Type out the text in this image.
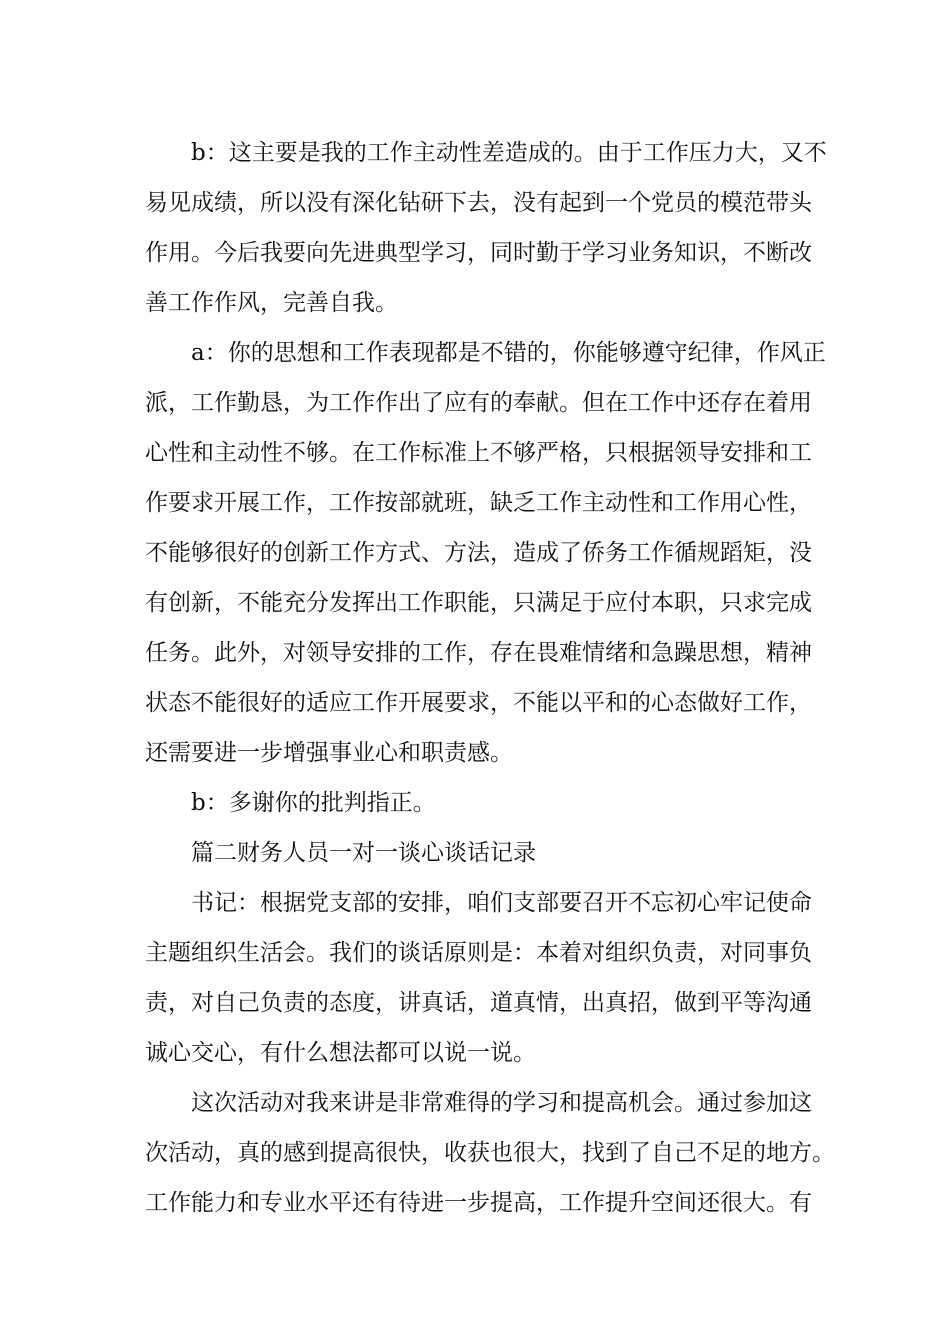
b：这主要是我的工作主动性差造成的。由于工作压力大，又不
易见成绩，所以没有深化钻研下去，没有起到一个党员的模范带头
作用。今后我要向先进典型学习，同时勤于学习业务知识，不断改
善工作作风，完善自我。
a：你的思想和工作表现都是不错的，你能够遵守纪律，作风正
派，工作勤恳，为工作作出了应有的奉献。但在工作中还存在着用
心性和主动性不够。在工作标准上不够严格，只根据领导安排和工
作要求开展工作，工作按部就班，缺乏工作主动性和工作用心性，
不能够很好的创新工作方式、方法，造成了侨务工作循规蹈矩，没
有创新，不能充分发挥出工作职能，只满足于应付本职，只求完成
任务。此外，对领导安排的工作，存在畏难情绪和急躁思想，精神
状态不能很好的适应工作开展要求，不能以平和的心态做好工作，
还需要进一步增强事业心和职责感。
b：多谢你的批判指正。
篇二财务人员一对一谈心谈话记录
书记：根据党支部的安排，咱们支部要召开不忘初心牢记使命
主题组织生活会。我们的谈话原则是：本着对组织负责，对同事负
责，对自己负责的态度，讲真话，道真情，出真招，做到平等沟通
诚心交心，有什么想法都可以说一说。
这次活动对我来讲是非常难得的学习和提高机会。通过参加这
次活动，真的感到提高很快，收获也很大，找到了自己不足的地方。
工作能力和专业水平还有待进一步提高，工作提升空间还很大。有
